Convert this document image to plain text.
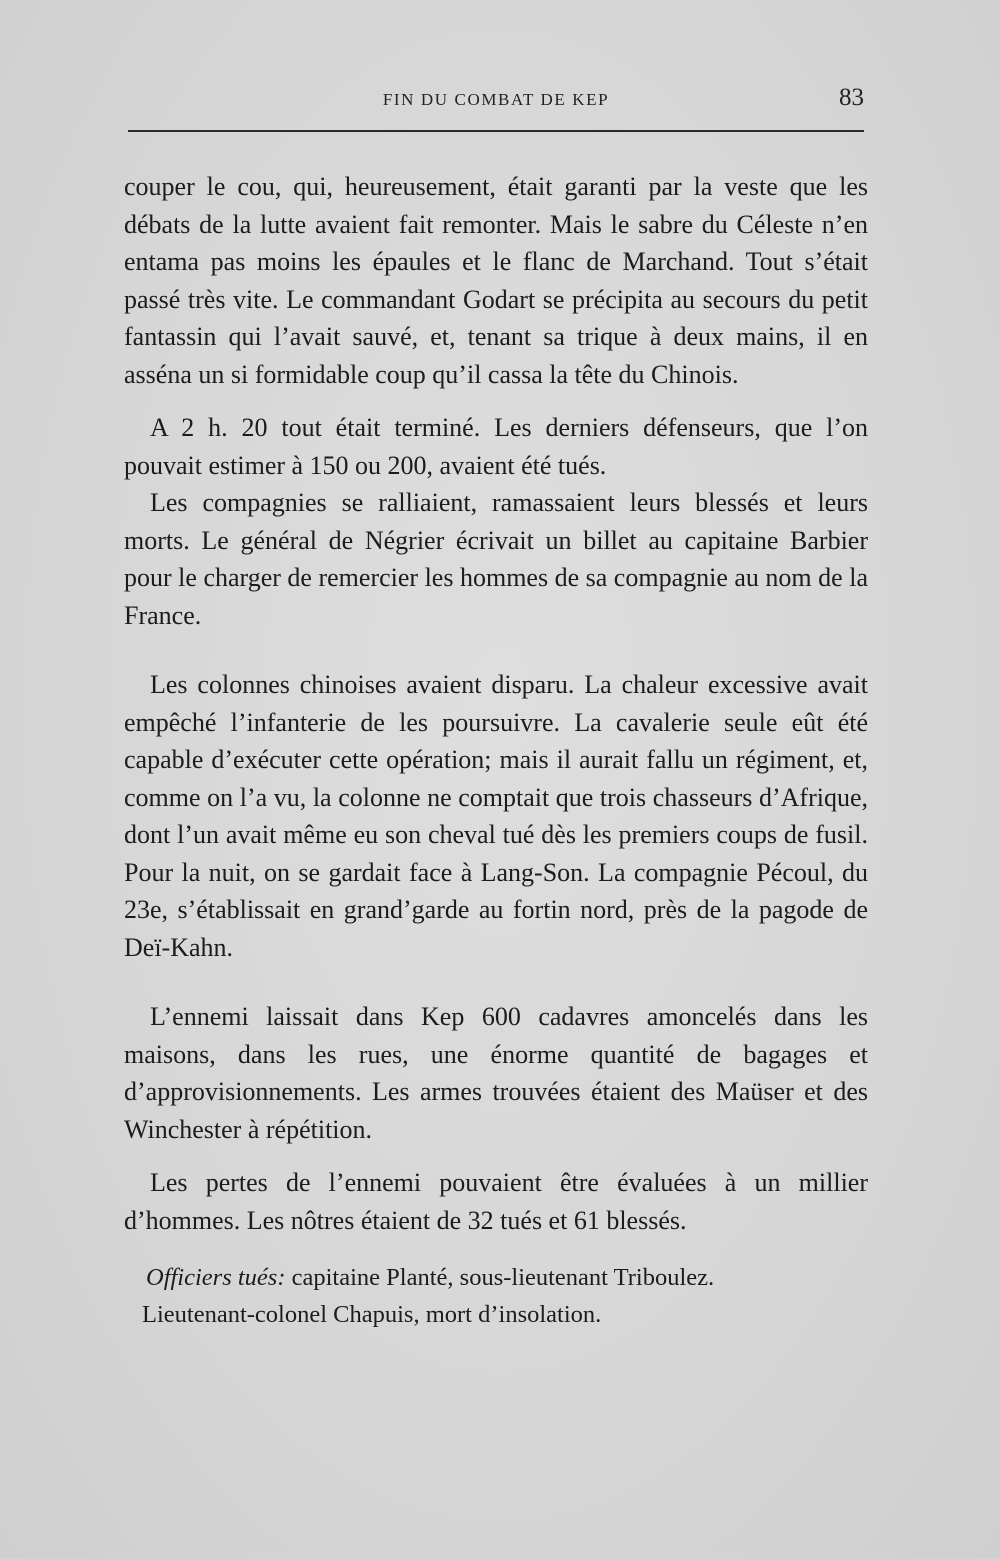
FIN DU COMBAT DE KEP	83

couper le cou, qui, heureusement, était garanti par la veste que les débats de la lutte avaient fait remonter. Mais le sabre du Céleste n’en entama pas moins les épaules et le flanc de Marchand. Tout s’était passé très vite. Le commandant Godart se précipita au secours du petit fantassin qui l’avait sauvé, et, tenant sa trique à deux mains, il en asséna un si formidable coup qu’il cassa la tête du Chinois.

A 2 h. 20 tout était terminé. Les derniers défenseurs, que l’on pouvait estimer à 150 ou 200, avaient été tués.

Les compagnies se ralliaient, ramassaient leurs blessés et leurs morts. Le général de Négrier écrivait un billet au capitaine Barbier pour le charger de remercier les hommes de sa compagnie au nom de la France.

Les colonnes chinoises avaient disparu. La chaleur excessive avait empêché l’infanterie de les poursuivre. La cavalerie seule eût été capable d’exécuter cette opération; mais il aurait fallu un régiment, et, comme on l’a vu, la colonne ne comptait que trois chasseurs d’Afrique, dont l’un avait même eu son cheval tué dès les premiers coups de fusil. Pour la nuit, on se gardait face à Lang-Son. La compagnie Pécoul, du 23e, s’établissait en grand’garde au fortin nord, près de la pagode de Deï-Kahn.

L’ennemi laissait dans Kep 600 cadavres amoncelés dans les maisons, dans les rues, une énorme quantité de bagages et d’approvisionnements. Les armes trouvées étaient des Maüser et des Winchester à répétition.

Les pertes de l’ennemi pouvaient être évaluées à un millier d’hommes. Les nôtres étaient de 32 tués et 61 blessés.

Officiers tués: capitaine Planté, sous-lieutenant Triboulez.
Lieutenant-colonel Chapuis, mort d’insolation.
